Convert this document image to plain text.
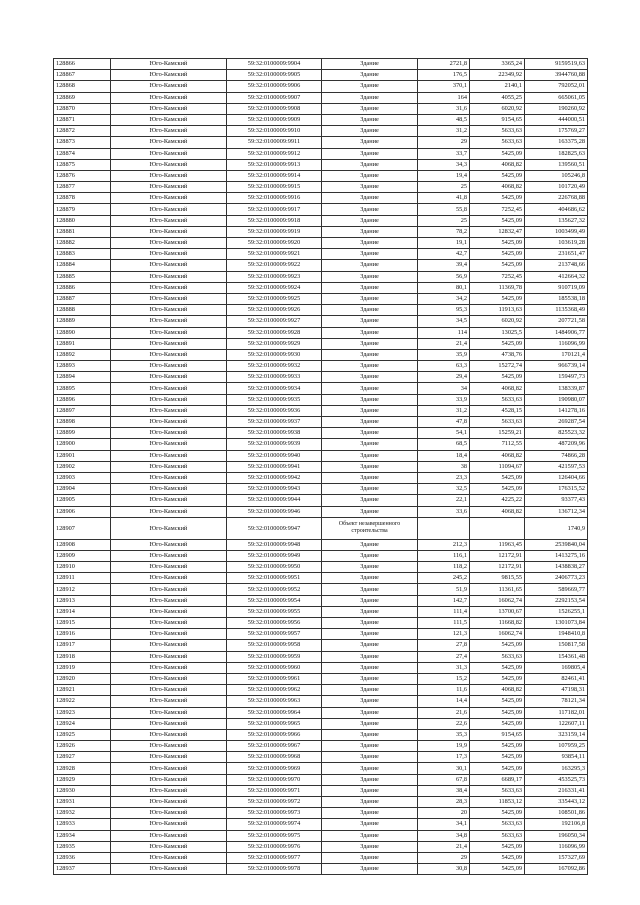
128866	Юго-Камский	59:32:0100009:9904	Здание	2721,8	3365,24	9159519,63
128867	Юго-Камский	59:32:0100009:9905	Здание	176,5	22349,92	3944760,88
128868	Юго-Камский	59:32:0100009:9906	Здание	370,1	2140,1	792052,01
128869	Юго-Камский	59:32:0100009:9907	Здание	164	4055,25	665061,05
128870	Юго-Камский	59:32:0100009:9908	Здание	31,6	6020,92	190260,92
128871	Юго-Камский	59:32:0100009:9909	Здание	48,5	9154,65	444000,51
128872	Юго-Камский	59:32:0100009:9910	Здание	31,2	5633,63	175769,27
128873	Юго-Камский	59:32:0100009:9911	Здание	29	5633,63	163375,28
128874	Юго-Камский	59:32:0100009:9912	Здание	33,7	5425,09	182825,63
128875	Юго-Камский	59:32:0100009:9913	Здание	34,3	4068,82	139560,51
128876	Юго-Камский	59:32:0100009:9914	Здание	19,4	5425,09	105246,8
128877	Юго-Камский	59:32:0100009:9915	Здание	25	4068,82	101720,49
128878	Юго-Камский	59:32:0100009:9916	Здание	41,8	5425,09	226768,88
128879	Юго-Камский	59:32:0100009:9917	Здание	55,8	7252,45	404686,62
128880	Юго-Камский	59:32:0100009:9918	Здание	25	5425,09	135627,32
128881	Юго-Камский	59:32:0100009:9919	Здание	78,2	12832,47	1003499,49
128882	Юго-Камский	59:32:0100009:9920	Здание	19,1	5425,09	103619,28
128883	Юго-Камский	59:32:0100009:9921	Здание	42,7	5425,09	231651,47
128884	Юго-Камский	59:32:0100009:9922	Здание	39,4	5425,09	213748,66
128885	Юго-Камский	59:32:0100009:9923	Здание	56,9	7252,45	412664,32
128886	Юго-Камский	59:32:0100009:9924	Здание	80,1	11369,78	910719,09
128887	Юго-Камский	59:32:0100009:9925	Здание	34,2	5425,09	185538,18
128888	Юго-Камский	59:32:0100009:9926	Здание	95,3	11913,63	1135368,49
128889	Юго-Камский	59:32:0100009:9927	Здание	34,5	6020,92	207721,58
128890	Юго-Камский	59:32:0100009:9928	Здание	114	13025,5	1484906,77
128891	Юго-Камский	59:32:0100009:9929	Здание	21,4	5425,09	116096,99
128892	Юго-Камский	59:32:0100009:9930	Здание	35,9	4738,76	170121,4
128893	Юго-Камский	59:32:0100009:9932	Здание	63,3	15272,74	966739,14
128894	Юго-Камский	59:32:0100009:9933	Здание	29,4	5425,09	159497,73
128895	Юго-Камский	59:32:0100009:9934	Здание	34	4068,82	138339,87
128896	Юго-Камский	59:32:0100009:9935	Здание	33,9	5633,63	190980,07
128897	Юго-Камский	59:32:0100009:9936	Здание	31,2	4528,15	141278,16
128898	Юго-Камский	59:32:0100009:9937	Здание	47,8	5633,63	269287,54
128899	Юго-Камский	59:32:0100009:9938	Здание	54,1	15259,21	825523,32
128900	Юго-Камский	59:32:0100009:9939	Здание	68,5	7112,55	487209,96
128901	Юго-Камский	59:32:0100009:9940	Здание	18,4	4068,82	74866,28
128902	Юго-Камский	59:32:0100009:9941	Здание	38	11094,67	421597,53
128903	Юго-Камский	59:32:0100009:9942	Здание	23,3	5425,09	126404,66
128904	Юго-Камский	59:32:0100009:9943	Здание	32,5	5425,09	176315,52
128905	Юго-Камский	59:32:0100009:9944	Здание	22,1	4225,22	93377,43
128906	Юго-Камский	59:32:0100009:9946	Здание	33,6	4068,82	136712,34
128907	Юго-Камский	59:32:0100009:9947	Объект незавершенного строительства			1740,9
128908	Юго-Камский	59:32:0100009:9948	Здание	212,3	11963,45	2539840,04
128909	Юго-Камский	59:32:0100009:9949	Здание	116,1	12172,91	1413275,16
128910	Юго-Камский	59:32:0100009:9950	Здание	118,2	12172,91	1438838,27
128911	Юго-Камский	59:32:0100009:9951	Здание	245,2	9815,55	2406773,23
128912	Юго-Камский	59:32:0100009:9952	Здание	51,9	11361,65	589669,77
128913	Юго-Камский	59:32:0100009:9954	Здание	142,7	16062,74	2292153,54
128914	Юго-Камский	59:32:0100009:9955	Здание	111,4	13700,67	1526255,1
128915	Юго-Камский	59:32:0100009:9956	Здание	111,5	11668,82	1301073,84
128916	Юго-Камский	59:32:0100009:9957	Здание	121,3	16062,74	1948410,8
128917	Юго-Камский	59:32:0100009:9958	Здание	27,8	5425,09	150817,58
128918	Юго-Камский	59:32:0100009:9959	Здание	27,4	5633,63	154361,48
128919	Юго-Камский	59:32:0100009:9960	Здание	31,3	5425,09	169805,4
128920	Юго-Камский	59:32:0100009:9961	Здание	15,2	5425,09	82461,41
128921	Юго-Камский	59:32:0100009:9962	Здание	11,6	4068,82	47198,31
128922	Юго-Камский	59:32:0100009:9963	Здание	14,4	5425,09	78121,34
128923	Юго-Камский	59:32:0100009:9964	Здание	21,6	5425,09	117182,01
128924	Юго-Камский	59:32:0100009:9965	Здание	22,6	5425,09	122607,11
128925	Юго-Камский	59:32:0100009:9966	Здание	35,3	9154,65	323159,14
128926	Юго-Камский	59:32:0100009:9967	Здание	19,9	5425,09	107959,25
128927	Юго-Камский	59:32:0100009:9968	Здание	17,3	5425,09	93854,11
128928	Юго-Камский	59:32:0100009:9969	Здание	30,1	5425,09	163295,3
128929	Юго-Камский	59:32:0100009:9970	Здание	67,8	6689,17	453525,73
128930	Юго-Камский	59:32:0100009:9971	Здание	38,4	5633,63	216331,41
128931	Юго-Камский	59:32:0100009:9972	Здание	28,3	11853,12	335443,12
128932	Юго-Камский	59:32:0100009:9973	Здание	20	5425,09	108501,86
128933	Юго-Камский	59:32:0100009:9974	Здание	34,1	5633,63	192106,8
128934	Юго-Камский	59:32:0100009:9975	Здание	34,8	5633,63	196050,34
128935	Юго-Камский	59:32:0100009:9976	Здание	21,4	5425,09	116096,99
128936	Юго-Камский	59:32:0100009:9977	Здание	29	5425,09	157327,69
128937	Юго-Камский	59:32:0100009:9978	Здание	30,8	5425,09	167092,86
